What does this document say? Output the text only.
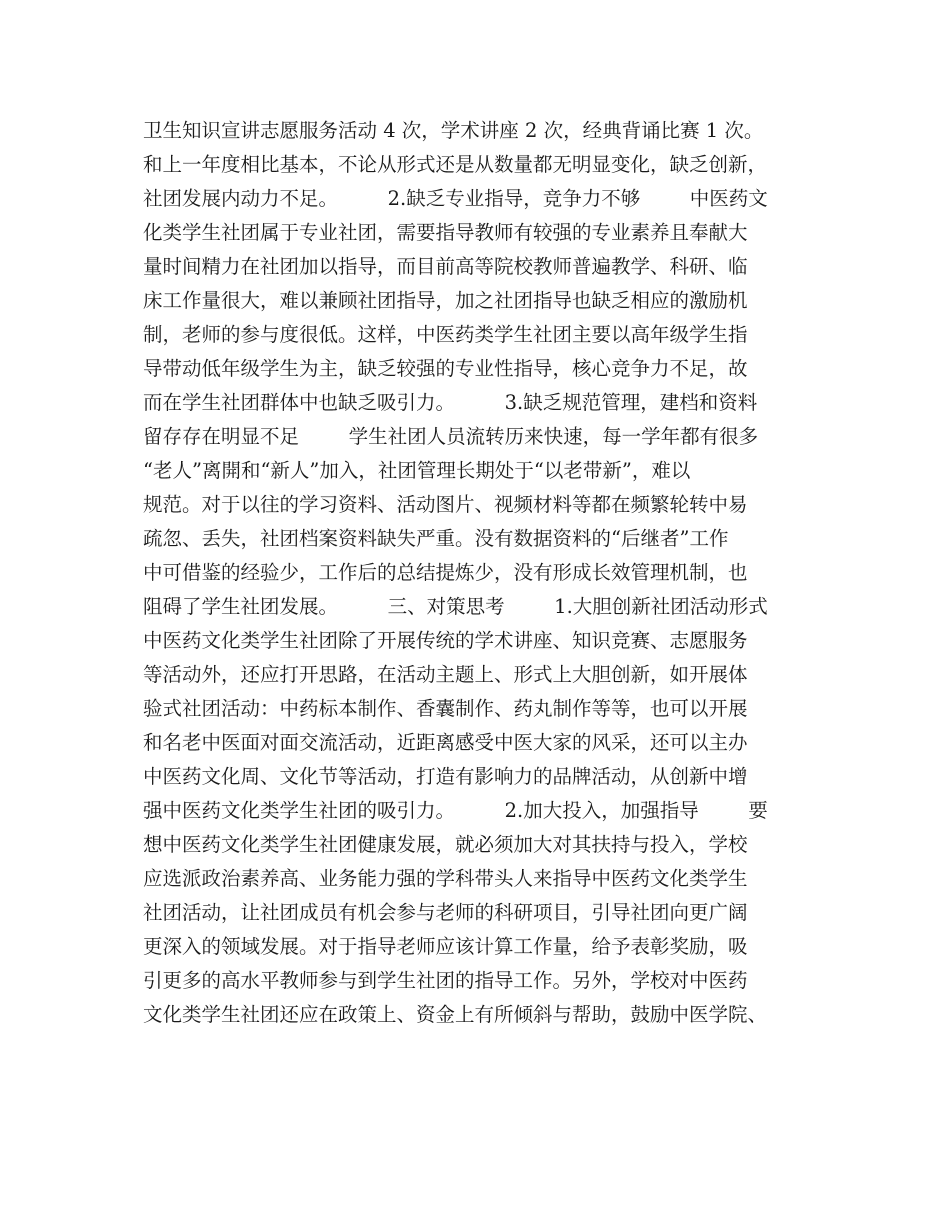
卫生知识宣讲志愿服务活动 4 次，学术讲座 2 次，经典背诵比赛 1 次。
和上一年度相比基本，不论从形式还是从数量都无明显变化，缺乏创新，
社团发展内动力不足。        2.缺乏专业指导，竞争力不够        中医药文
化类学生社团属于专业社团，需要指导教师有较强的专业素养且奉献大
量时间精力在社团加以指导，而目前高等院校教师普遍教学、科研、临
床工作量很大，难以兼顾社团指导，加之社团指导也缺乏相应的激励机
制，老师的参与度很低。这样，中医药类学生社团主要以高年级学生指
导带动低年级学生为主，缺乏较强的专业性指导，核心竞争力不足，故
而在学生社团群体中也缺乏吸引力。        3.缺乏规范管理，建档和资料
留存存在明显不足        学生社团人员流转历来快速，每一学年都有很多
“老人”离開和“新人”加入，社团管理长期处于“以老带新”，难以
规范。对于以往的学习资料、活动图片、视频材料等都在频繁轮转中易
疏忽、丢失，社团档案资料缺失严重。没有数据资料的“后继者”工作
中可借鉴的经验少，工作后的总结提炼少，没有形成长效管理机制，也
阻碍了学生社团发展。        三、对策思考        1.大胆创新社团活动形式
中医药文化类学生社团除了开展传统的学术讲座、知识竞赛、志愿服务
等活动外，还应打开思路，在活动主题上、形式上大胆创新，如开展体
验式社团活动：中药标本制作、香囊制作、药丸制作等等，也可以开展
和名老中医面对面交流活动，近距离感受中医大家的风采，还可以主办
中医药文化周、文化节等活动，打造有影响力的品牌活动，从创新中增
强中医药文化类学生社团的吸引力。        2.加大投入，加强指导        要
想中医药文化类学生社团健康发展，就必须加大对其扶持与投入，学校
应选派政治素养高、业务能力强的学科带头人来指导中医药文化类学生
社团活动，让社团成员有机会参与老师的科研项目，引导社团向更广阔
更深入的领域发展。对于指导老师应该计算工作量，给予表彰奖励，吸
引更多的高水平教师参与到学生社团的指导工作。另外，学校对中医药
文化类学生社团还应在政策上、资金上有所倾斜与帮助，鼓励中医学院、
